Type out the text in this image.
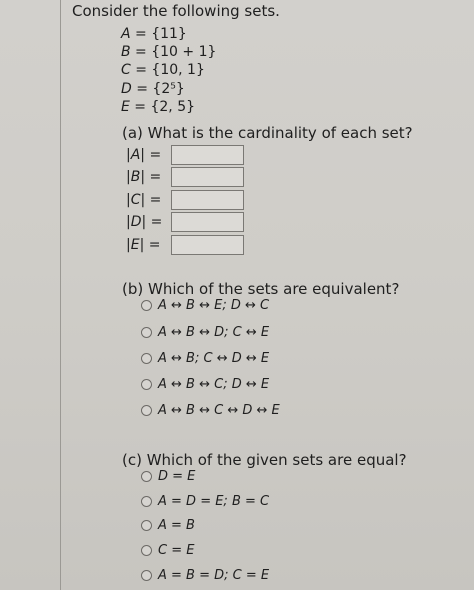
Consider the following sets.
A = {11}
B = {10 + 1}
C = {10, 1}
D = {2⁵}
E = {2, 5}
(a) What is the cardinality of each set?
|A| =
|B| =
|C| =
|D| =
|E| =
(b) Which of the sets are equivalent?
A ↔ B ↔ E; D ↔ C
A ↔ B ↔ D; C ↔ E
A ↔ B; C ↔ D ↔ E
A ↔ B ↔ C; D ↔ E
A ↔ B ↔ C ↔ D ↔ E
(c) Which of the given sets are equal?
D = E
A = D = E; B = C
A = B
C = E
A = B = D; C = E
